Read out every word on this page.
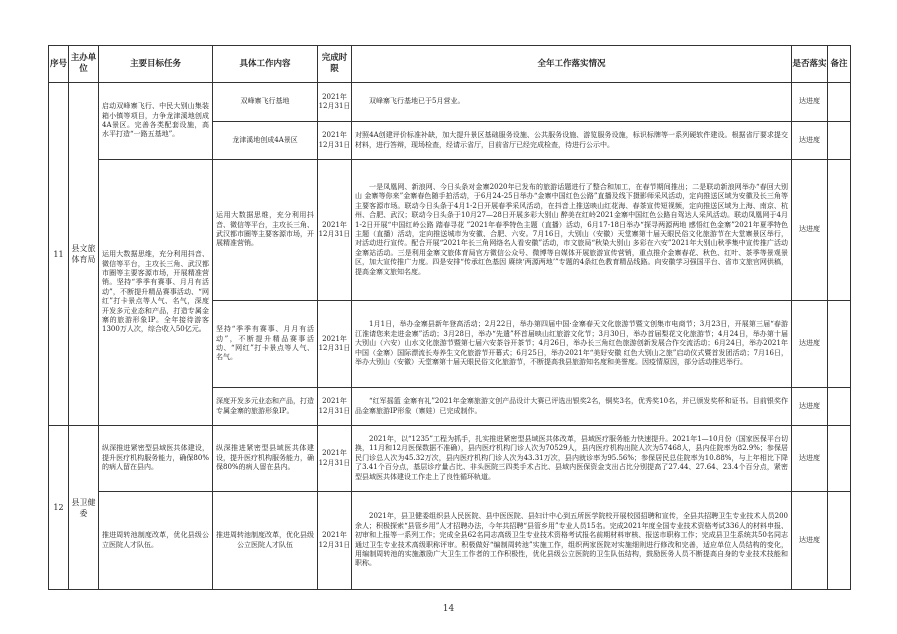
序号	主办单位	主要目标任务	具体工作内容	完成时限	全年工作落实情况	是否落实	备注
11	县文旅体育局	启动双峰寨飞行、中民大别山集装箱小镇等项目，力争龙津溪地创成4A景区。完善各类配套设施，高水平打造“一路五基地”。	双峰寨飞行基地	2021年12月31日	双峰寨飞行基地已于5月营业。	达进度	
			龙津溪地创成4A景区	2021年12月31日	对照4A创建评价标准补缺，加大提升景区基础服务设施、公共服务设施、游览服务设施，标识标牌等一系列硬软件建设。根据省厅要求提交材料，进行答辩，现场检查，经请示省厅，目前省厅已经完成检查，待进行公示中。	达进度	
		运用大数据思维，充分利用抖音、微信等平台，主攻长三角、武汉都市圈等主要客源市场，开展精准营销。坚持“季季有赛事、月月有活动”，不断提升精品赛事活动、“网红”打卡景点等人气、名气，深度开发多元业态和产品，打造专属金寨的旅游形象IP。全年接待游客1300万人次，综合收入50亿元。	运用大数据思维，充分利用抖音、微信等平台，主攻长三角、武汉都市圈等主要客源市场，开展精准营销。	2021年12月31日	一是凤凰网、新浪网、今日头条对金寨2020年已发布的旅游话题进行了整合和加工，在春节期间推出；二是联动新浪网举办“春回大别山 金寨等你来”金寨春色随手拍活动，于6月24-25日举办“金寨中国红色公路”直播及线下摄影师采风活动，定向推送区域为安徽及长三角等主要客源市场。联动今日头条于4月1-2日开展春季采风活动，在抖音上推送映山红花海、春茶宣传短视频，定向推送区域为上海、南京、杭州、合肥、武汉；联动今日头条于10月27—28日开展多彩大别山 醉美在红岭2021金寨中国红色公路自驾达人采风活动。联动凤凰网于4月1-2日开展“中国红岭公路 踏春寻花 ”2021年春季特色主题（直播）活动，6月17-18日举办“探寻两源两地 感悟红色金寨”2021年夏季特色主题（直播）活动，定向推送城市为安徽、合肥、六安。7月16日，大别山（安徽）天堂寨第十届天眼民俗文化旅游节在大堂寨景区举行，对活动进行宣传。配合开展“2021年长三角网络名人看安徽”活动，市文旅局“秋染大别山 多彩在六安”2021年大别山秋季集中宣传推广活动金寨站活动。三是利用金寨文旅体育局官方微信公众号、微博等自媒体开展旅游宣传营销，重点推介金寨春花、秋色、红叶、茶季等景观景区，加大宣传推广力度。四是安排“传承红色基因 赓续‘两源两地’”专题的4条红色教育精品线路。向安徽学习强国平台、省市文旅官网供稿，提高金寨文旅知名度。	达进度	
			坚持“季季有赛事、月月有活动”，不断提升精品赛事活动、“网红”打卡景点等人气、名气。	2021年12月31日	1月1日，举办金寨县新年登高活动；2月22日，举办第四届中国·金寨春天文化旅游节暨文创集市电商节；3月23日，开展第三届“春游江淮请您来走进金寨”活动；3月28日，举办“先遣”杯首届映山红旅游文化节；3月30日，举办首届梨花文化旅游节；4月24日，举办第十届大别山（六安）山水文化旅游节暨第七届六安茶谷开茶节；4月26日，举办长三角红色旅游创新发展合作交流活动；6月24日，举办2021年中国（金寨）国际漂流长寿养生文化旅游节开幕式；6月25日，举办2021年“美好安徽 红色大别山之旅”启动仪式暨首发团活动；7月16日，举办大别山（安徽）天堂寨第十届天眼民俗文化旅游节，不断提高我县旅游知名度和美誉度。因疫情原因，部分活动推迟举行。	达进度	
			深度开发多元业态和产品，打造专属金寨的旅游形象IP。	2021年12月31日	“红军摇篮 金寨有礼”2021年金寨旅游文创产品设计大赛已评选出银奖2名，铜奖3名，优秀奖10名，并已颁发奖杯和证书。目前银奖作品金寨旅游IP形象（寨娃）已完成制作。	达进度	
12	县卫健委	纵深推进紧密型县域医共体建设，提升医疗机构服务能力，确保80%的病人留在县内。	纵深推进紧密型县域医共体建设，提升医疗机构服务能力，确保80%的病人留在县内。	2021年12月31日	2021年，以“1235”工程为抓手，扎实推进紧密型县域医共体改革，县域医疗服务能力快速提升。2021年1—10月份（国家医保平台切换，11月和12月医保数据不准确），县内医疗机构门诊人次为70529人，县内医疗机构出院人次为57468人，县内住院率为82.9%；参保居民门诊总人次为45.32万次，县内医疗机构门诊人次为43.31万次，县内就诊率为95.56%；参保居民总住院率为10.88%，与上年相比下降了3.41个百分点，基层诊疗量占比、非头医院三四类手术占比、县域内医保资金支出占比分别提高了27.44、27.64、23.4个百分点，紧密型县域医共体建设工作走上了良性循环轨道。	达进度	
		推进周转池制度改革，优化县级公立医院人才队伍。	推进周转池制度改革，优化县级公立医院人才队伍	2021年12月31日	2021年，县卫健委组织县人民医院、县中医医院、县妇计中心到五所医学院校开展校园招聘和宣传，全县共招聘卫生专业技术人员200余人；积极探索“县管乡用”人才招聘办法，今年共招聘“县管乡用”专业人员15名。完成2021年度全国专业技术资格考试336人的材料申报、初审和上报等一系列工作；完成全县62名同志高级卫生专业技术资格考试报名前期材料审核、报送市职称工作；完成县卫生系统共50名同志通过卫生专业技术高级职称评审。积极做好“编制周转池”实施工作，组织两家医院对实施细则进行修改和完善，适应单位人员结构的变化，用编制周转池的实施激励广大卫生工作者的工作积极性，优化县级公立医院的卫生队伍结构，鼓励医务人员不断提高自身的专业技术技能和职称。	达进度	
14
